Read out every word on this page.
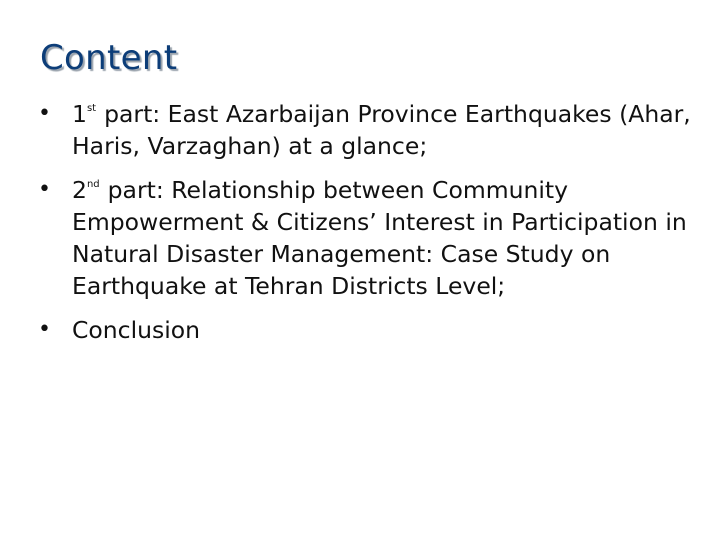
Content
• 1st part: East Azarbaijan Province Earthquakes (Ahar, Haris, Varzaghan) at a glance;
• 2nd part: Relationship between Community Empowerment & Citizens’ Interest in Participation in Natural Disaster Management: Case Study on Earthquake at Tehran Districts Level;
• Conclusion
